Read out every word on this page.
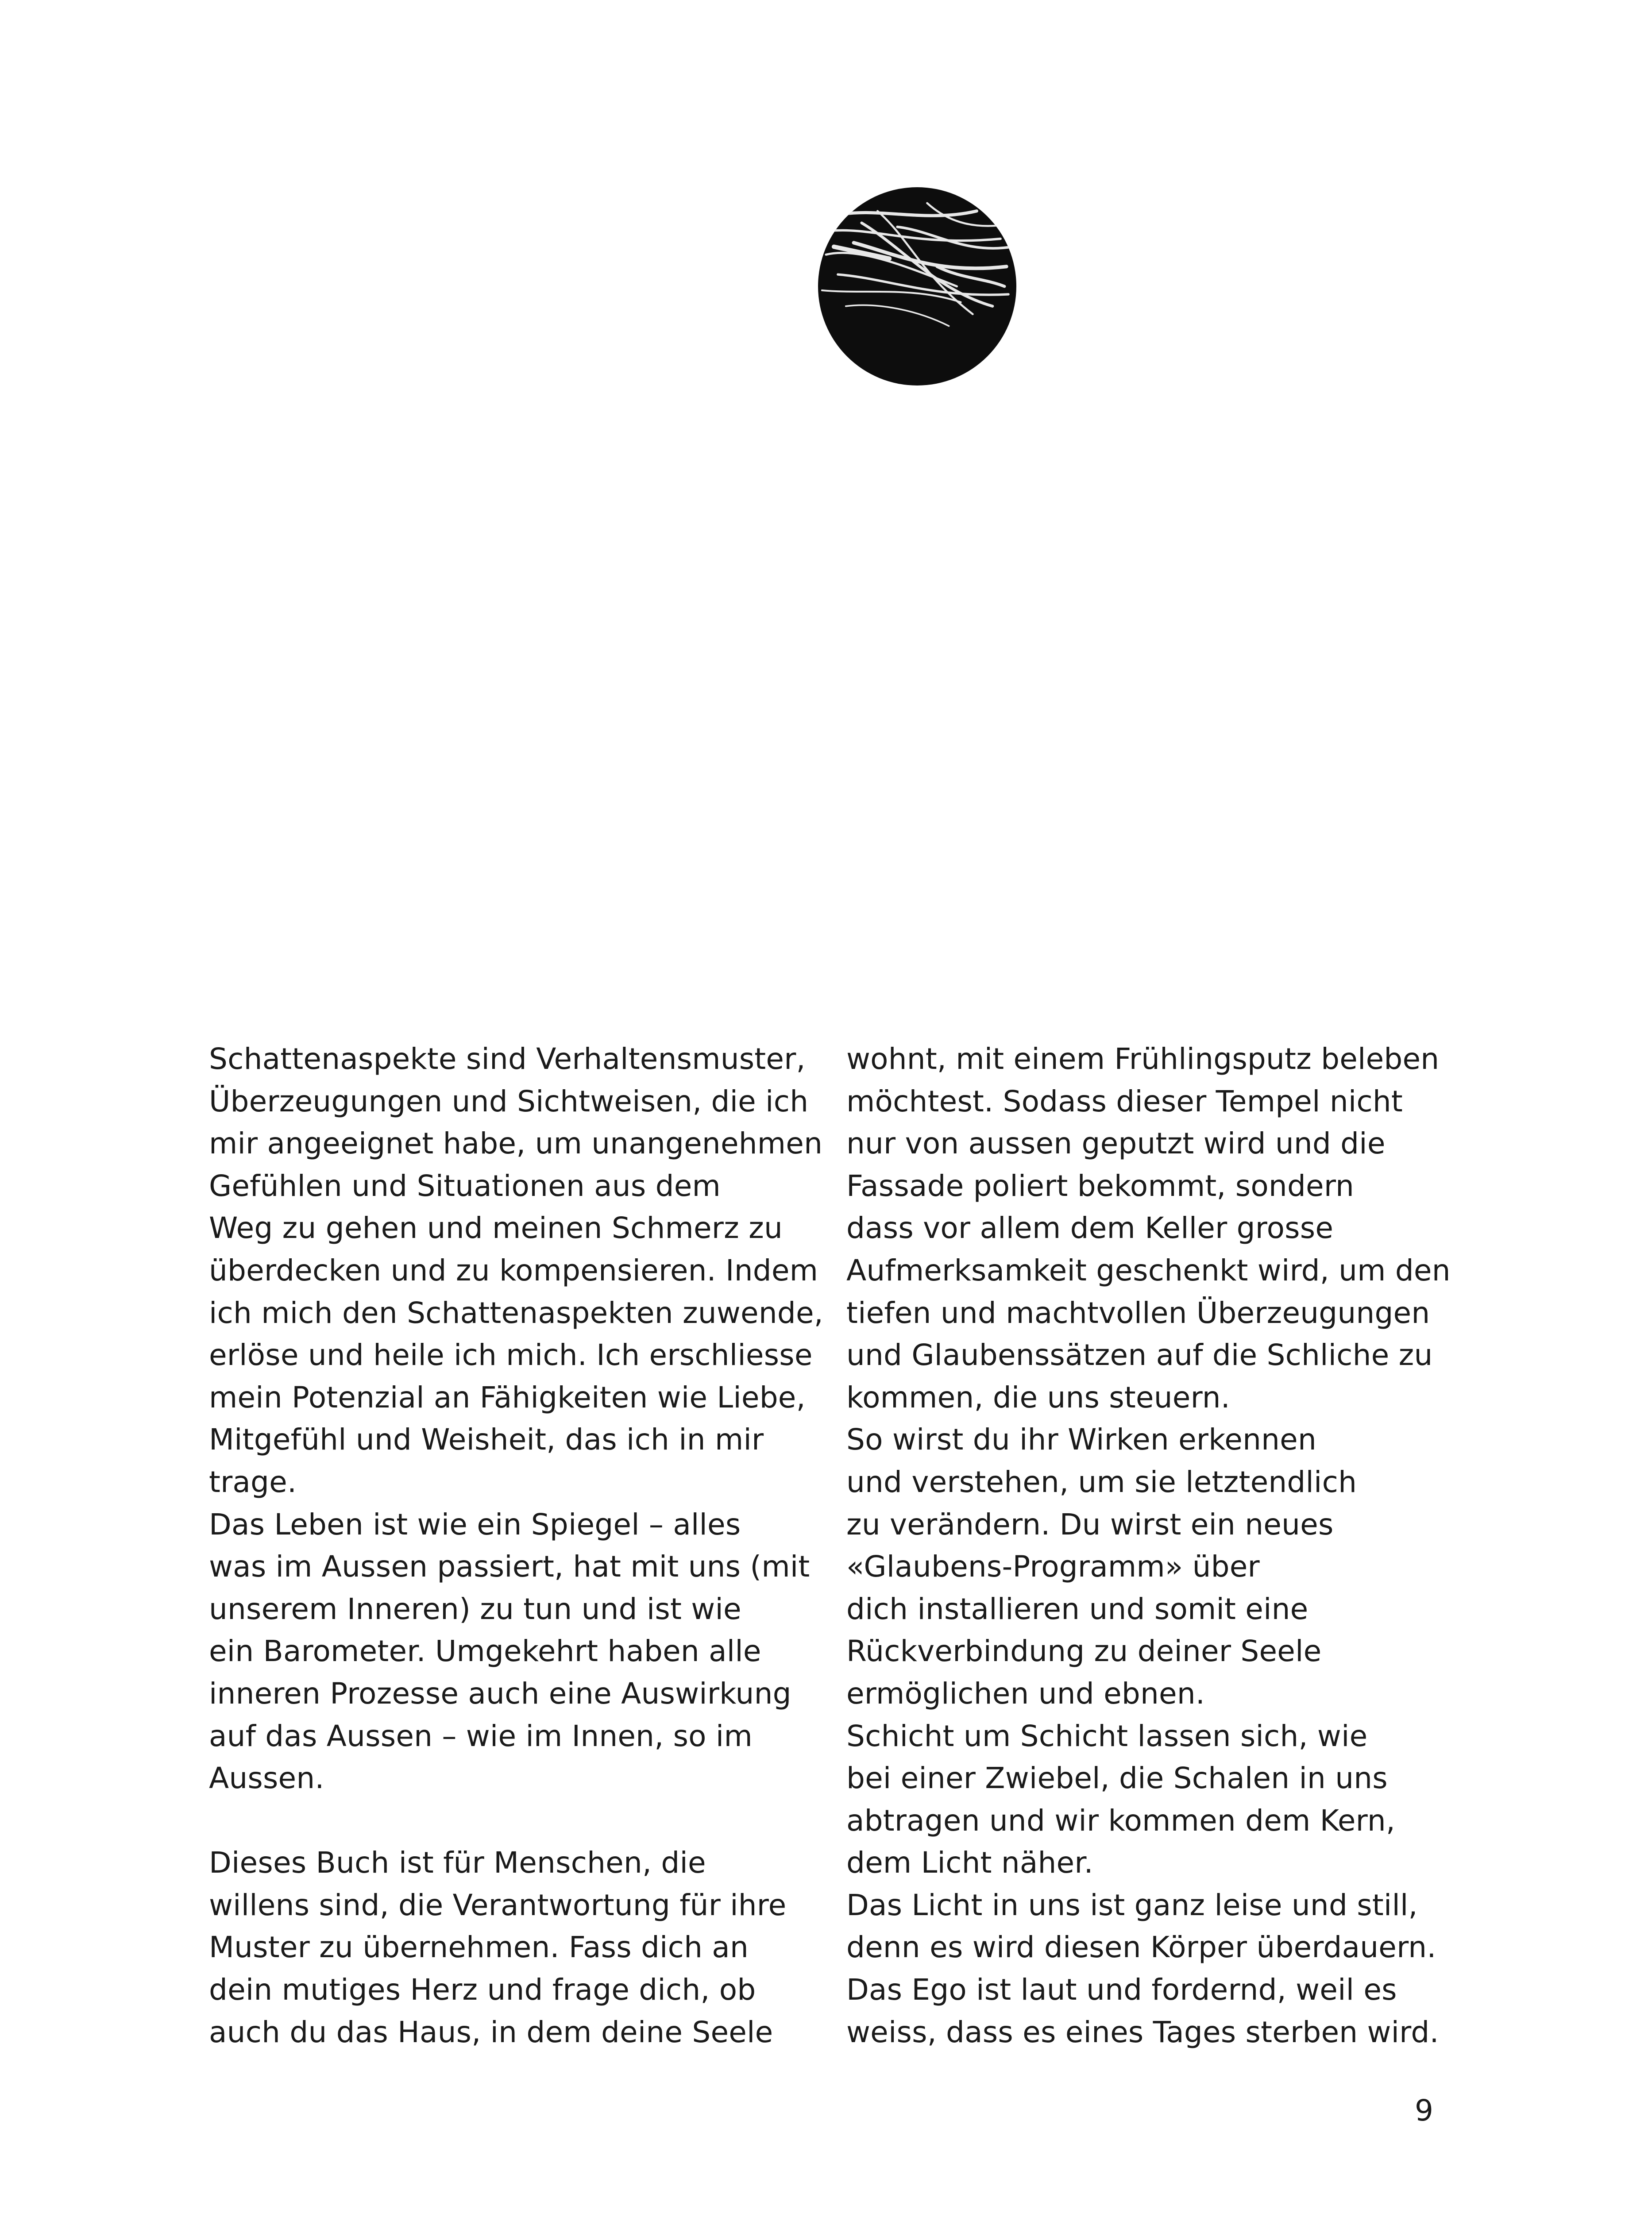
Schattenaspekte sind Verhaltensmuster,
Überzeugungen und Sichtweisen, die ich
mir angeeignet habe, um unangenehmen
Gefühlen und Situationen aus dem
Weg zu gehen und meinen Schmerz zu
überdecken und zu kompensieren. Indem
ich mich den Schattenaspekten zuwende,
erlöse und heile ich mich. Ich erschliesse
mein Potenzial an Fähigkeiten wie Liebe,
Mitgefühl und Weisheit, das ich in mir
trage.
Das Leben ist wie ein Spiegel – alles
was im Aussen passiert, hat mit uns (mit
unserem Inneren) zu tun und ist wie
ein Barometer. Umgekehrt haben alle
inneren Prozesse auch eine Auswirkung
auf das Aussen – wie im Innen, so im
Aussen.
Dieses Buch ist für Menschen, die
willens sind, die Verantwortung für ihre
Muster zu übernehmen. Fass dich an
dein mutiges Herz und frage dich, ob
auch du das Haus, in dem deine Seele
wohnt, mit einem Frühlingsputz beleben
möchtest. Sodass dieser Tempel nicht
nur von aussen geputzt wird und die
Fassade poliert bekommt, sondern
dass vor allem dem Keller grosse
Aufmerksamkeit geschenkt wird, um den
tiefen und machtvollen Überzeugungen
und Glaubenssätzen auf die Schliche zu
kommen, die uns steuern.
So wirst du ihr Wirken erkennen
und verstehen, um sie letztendlich
zu verändern. Du wirst ein neues
«Glaubens-Programm» über
dich installieren und somit eine
Rückverbindung zu deiner Seele
ermöglichen und ebnen.
Schicht um Schicht lassen sich, wie
bei einer Zwiebel, die Schalen in uns
abtragen und wir kommen dem Kern,
dem Licht näher.
Das Licht in uns ist ganz leise und still,
denn es wird diesen Körper überdauern.
Das Ego ist laut und fordernd, weil es
weiss, dass es eines Tages sterben wird.
9
